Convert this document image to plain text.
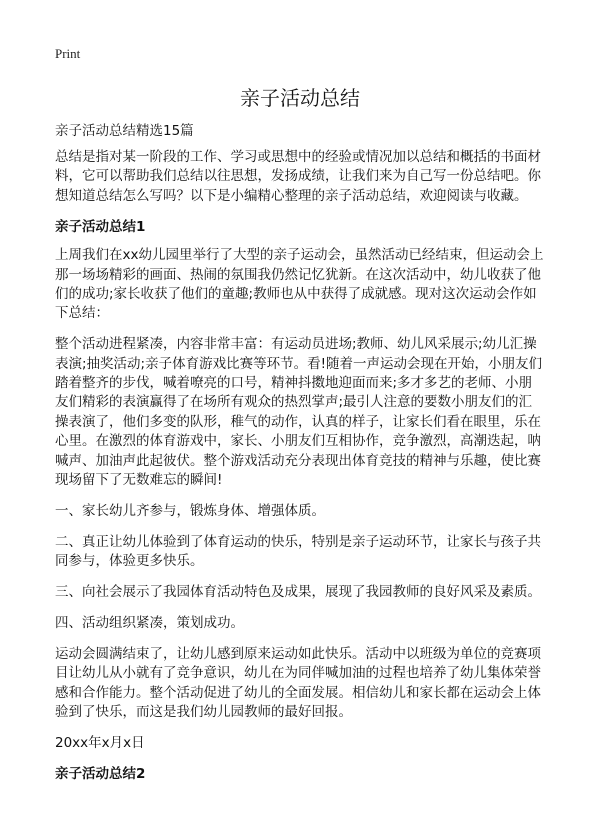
Print
亲子活动总结
亲子活动总结精选15篇

总结是指对某一阶段的工作、学习或思想中的经验或情况加以总结和概括的书面材料，它可以帮助我们总结以往思想，发扬成绩，让我们来为自己写一份总结吧。你想知道总结怎么写吗？以下是小编精心整理的亲子活动总结，欢迎阅读与收藏。

亲子活动总结1

上周我们在xx幼儿园里举行了大型的亲子运动会，虽然活动已经结束，但运动会上那一场场精彩的画面、热闹的氛围我仍然记忆犹新。在这次活动中，幼儿收获了他们的成功;家长收获了他们的童趣;教师也从中获得了成就感。现对这次运动会作如下总结：

整个活动进程紧凑，内容非常丰富：有运动员进场;教师、幼儿风采展示;幼儿汇操表演;抽奖活动;亲子体育游戏比赛等环节。看!随着一声运动会现在开始，小朋友们踏着整齐的步伐，喊着嘹亮的口号，精神抖擞地迎面而来;多才多艺的老师、小朋友们精彩的表演赢得了在场所有观众的热烈掌声;最引人注意的要数小朋友们的汇操表演了，他们多变的队形，稚气的动作，认真的样子，让家长们看在眼里，乐在心里。在激烈的体育游戏中，家长、小朋友们互相协作，竞争激烈，高潮迭起，呐喊声、加油声此起彼伏。整个游戏活动充分表现出体育竞技的精神与乐趣，使比赛现场留下了无数难忘的瞬间!

一、家长幼儿齐参与，锻炼身体、增强体质。

二、真正让幼儿体验到了体育运动的快乐，特别是亲子运动环节，让家长与孩子共同参与，体验更多快乐。

三、向社会展示了我园体育活动特色及成果，展现了我园教师的良好风采及素质。

四、活动组织紧凑，策划成功。

运动会圆满结束了，让幼儿感到原来运动如此快乐。活动中以班级为单位的竞赛项目让幼儿从小就有了竞争意识，幼儿在为同伴喊加油的过程也培养了幼儿集体荣誉感和合作能力。整个活动促进了幼儿的全面发展。相信幼儿和家长都在运动会上体验到了快乐，而这是我们幼儿园教师的最好回报。

20xx年x月x日

亲子活动总结2
